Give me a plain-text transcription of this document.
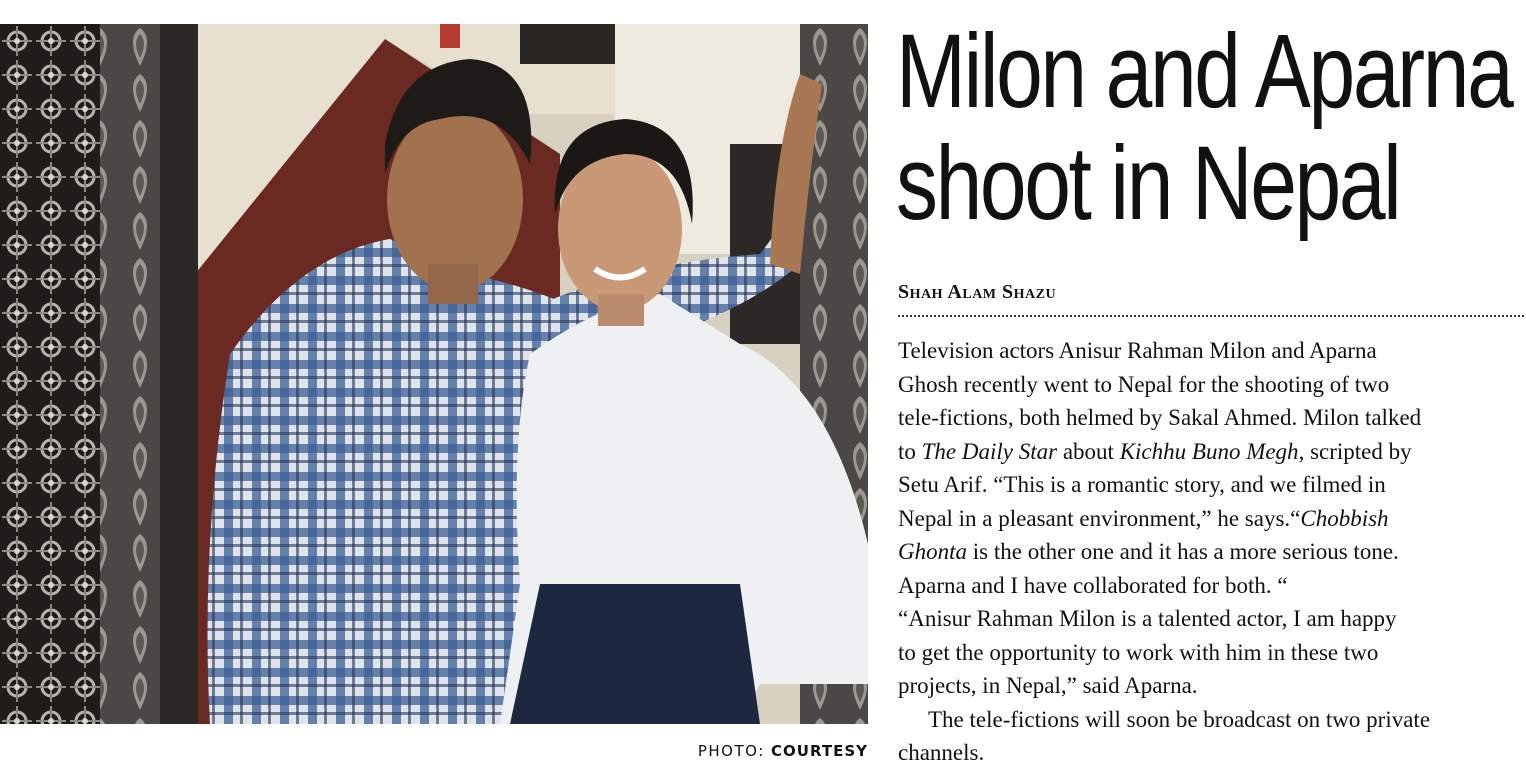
PHOTO: COURTESY
Milon and Aparna
shoot in Nepal
Shah Alam Shazu
Television actors Anisur Rahman Milon and Aparna
Ghosh recently went to Nepal for the shooting of two
tele-fictions, both helmed by Sakal Ahmed. Milon talked
to The Daily Star about Kichhu Buno Megh, scripted by
Setu Arif. “This is a romantic story, and we filmed in
Nepal in a pleasant environment,” he says.“Chobbish
Ghonta is the other one and it has a more serious tone.
Aparna and I have collaborated for both. “
“Anisur Rahman Milon is a talented actor, I am happy
to get the opportunity to work with him in these two
projects, in Nepal,” said Aparna.
The tele-fictions will soon be broadcast on two private
channels.
